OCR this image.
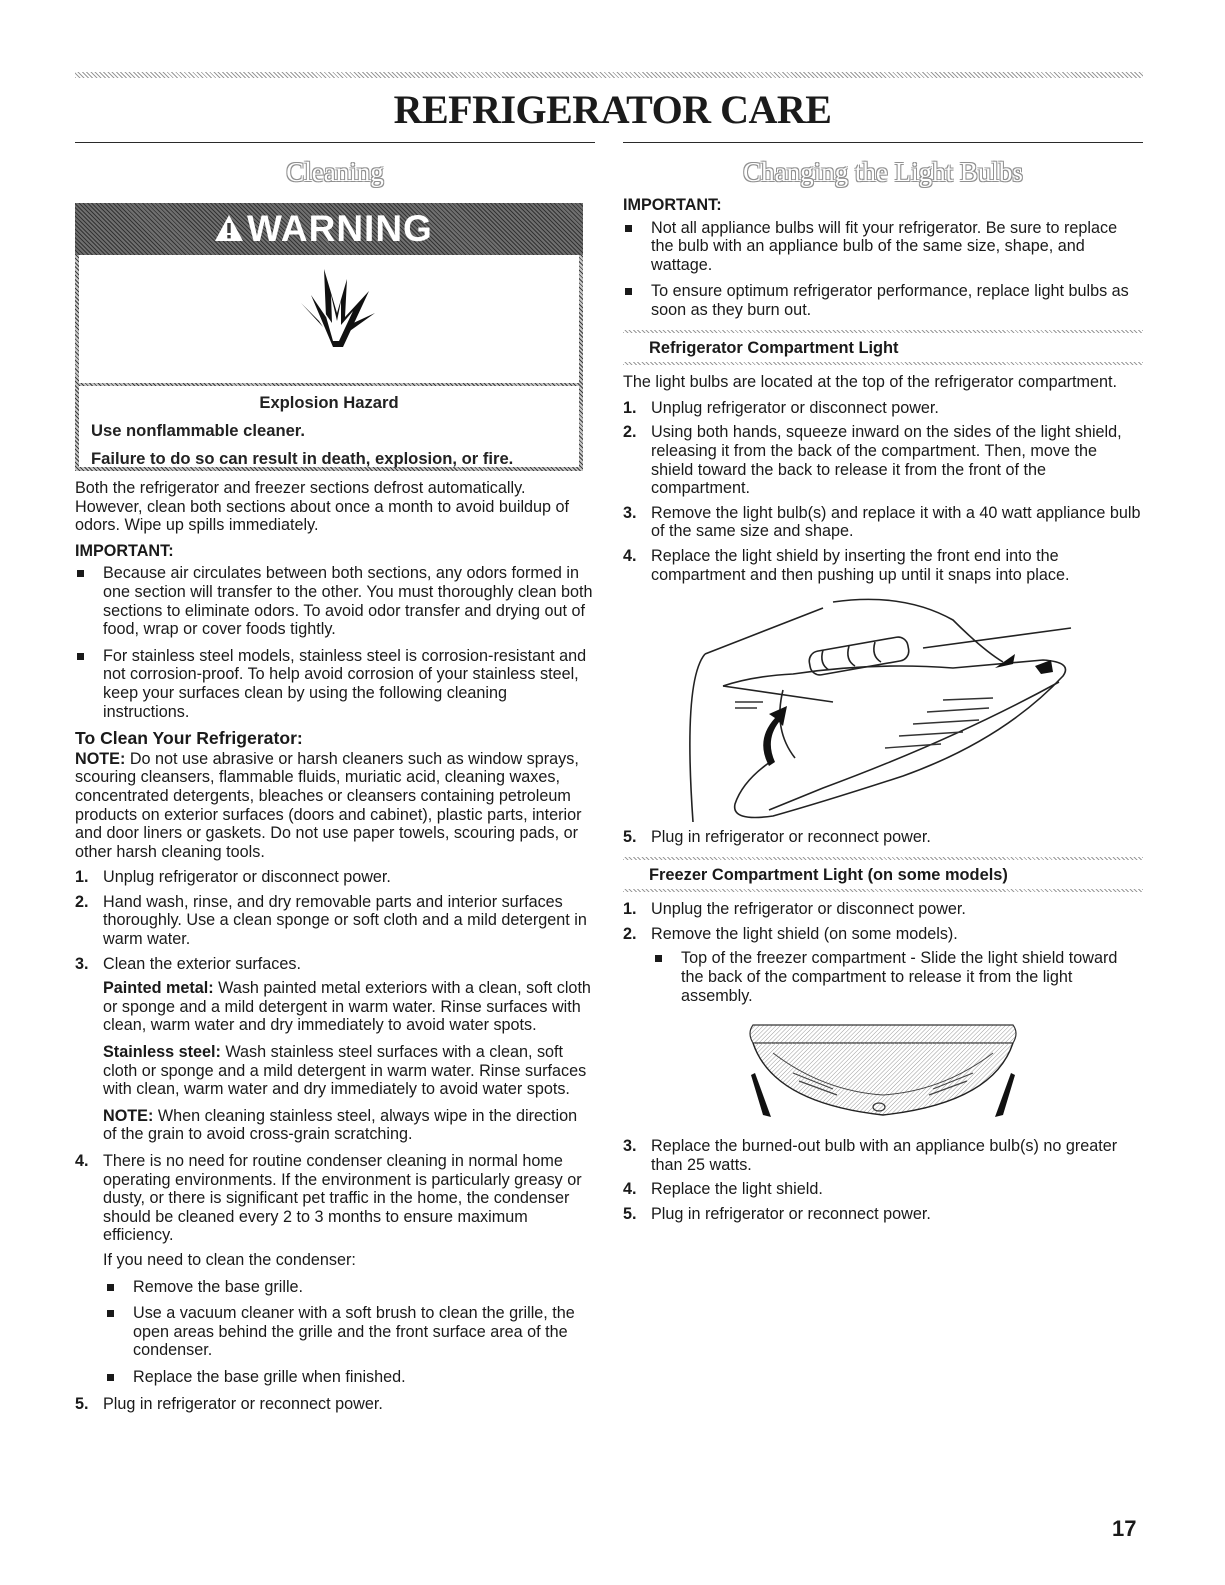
REFRIGERATOR CARE
Cleaning
WARNING
Explosion Hazard
Use nonflammable cleaner.
Failure to do so can result in death, explosion, or fire.

Both the refrigerator and freezer sections defrost automatically. However, clean both sections about once a month to avoid buildup of odors. Wipe up spills immediately.

IMPORTANT:
Because air circulates between both sections, any odors formed in one section will transfer to the other. You must thoroughly clean both sections to eliminate odors. To avoid odor transfer and drying out of food, wrap or cover foods tightly.
For stainless steel models, stainless steel is corrosion-resistant and not corrosion-proof. To help avoid corrosion of your stainless steel, keep your surfaces clean by using the following cleaning instructions.
To Clean Your Refrigerator:

NOTE: Do not use abrasive or harsh cleaners such as window sprays, scouring cleansers, flammable fluids, muriatic acid, cleaning waxes, concentrated detergents, bleaches or cleansers containing petroleum products on exterior surfaces (doors and cabinet), plastic parts, interior and door liners or gaskets. Do not use paper towels, scouring pads, or other harsh cleaning tools.

1. Unplug refrigerator or disconnect power.
2. Hand wash, rinse, and dry removable parts and interior surfaces thoroughly. Use a clean sponge or soft cloth and a mild detergent in warm water.
3. Clean the exterior surfaces.

Painted metal: Wash painted metal exteriors with a clean, soft cloth or sponge and a mild detergent in warm water. Rinse surfaces with clean, warm water and dry immediately to avoid water spots.

Stainless steel: Wash stainless steel surfaces with a clean, soft cloth or sponge and a mild detergent in warm water. Rinse surfaces with clean, warm water and dry immediately to avoid water spots.

NOTE: When cleaning stainless steel, always wipe in the direction of the grain to avoid cross-grain scratching.

4. There is no need for routine condenser cleaning in normal home operating environments. If the environment is particularly greasy or dusty, or there is significant pet traffic in the home, the condenser should be cleaned every 2 to 3 months to ensure maximum efficiency.

If you need to clean the condenser:

Remove the base grille.
Use a vacuum cleaner with a soft brush to clean the grille, the open areas behind the grille and the front surface area of the condenser.
Replace the base grille when finished.
5. Plug in refrigerator or reconnect power.
Changing the Light Bulbs
IMPORTANT:
Not all appliance bulbs will fit your refrigerator. Be sure to replace the bulb with an appliance bulb of the same size, shape, and wattage.
To ensure optimum refrigerator performance, replace light bulbs as soon as they burn out.
Refrigerator Compartment Light

The light bulbs are located at the top of the refrigerator compartment.

1. Unplug refrigerator or disconnect power.
2. Using both hands, squeeze inward on the sides of the light shield, releasing it from the back of the compartment. Then, move the shield toward the back to release it from the front of the compartment.
3. Remove the light bulb(s) and replace it with a 40 watt appliance bulb of the same size and shape.
4. Replace the light shield by inserting the front end into the compartment and then pushing up until it snaps into place.
5. Plug in refrigerator or reconnect power.
Freezer Compartment Light (on some models)
1. Unplug the refrigerator or disconnect power.
2. Remove the light shield (on some models).
Top of the freezer compartment - Slide the light shield toward the back of the compartment to release it from the light assembly.
3. Replace the burned-out bulb with an appliance bulb(s) no greater than 25 watts.
4. Replace the light shield.
5. Plug in refrigerator or reconnect power.
17
